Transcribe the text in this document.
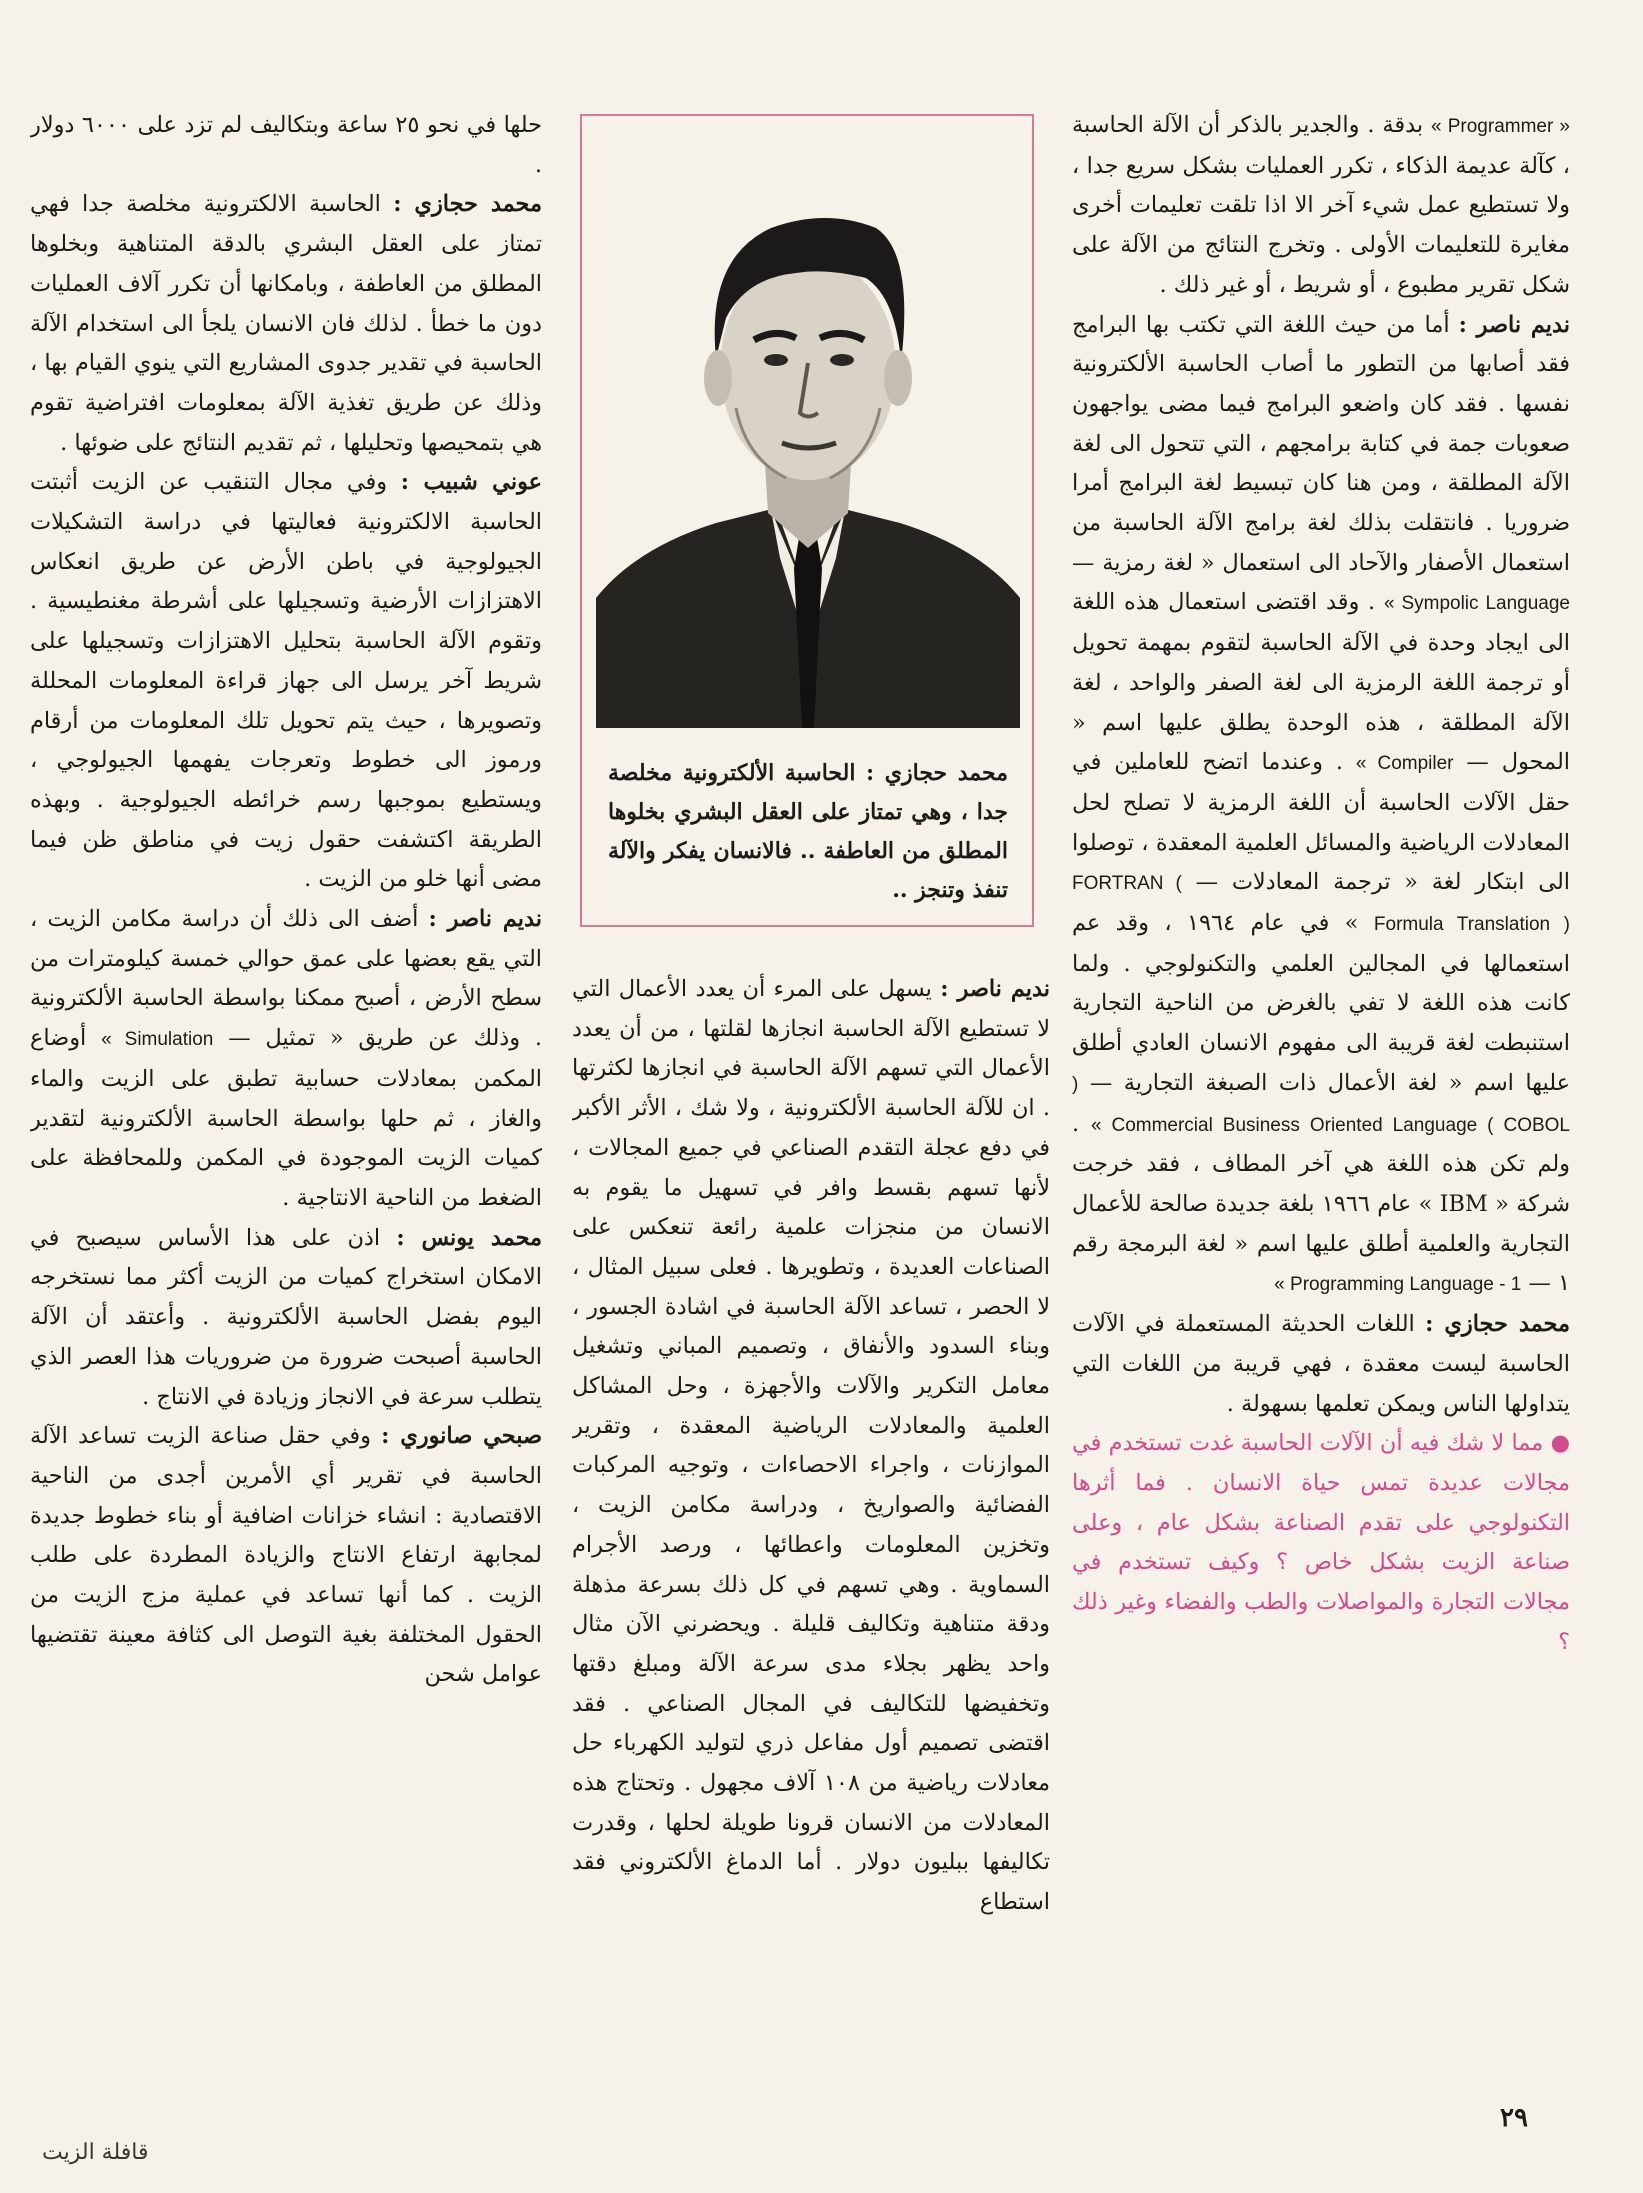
« Programmer » بدقة . والجدير بالذكر أن الآلة الحاسبة ، كآلة عديمة الذكاء ، تكرر العمليات بشكل سريع جدا ، ولا تستطيع عمل شيء آخر الا اذا تلقت تعليمات أخرى مغايرة للتعليمات الأولى . وتخرج النتائج من الآلة على شكل تقرير مطبوع ، أو شريط ، أو غير ذلك .

نديم ناصر : أما من حيث اللغة التي تكتب بها البرامج فقد أصابها من التطور ما أصاب الحاسبة الألكترونية نفسها . فقد كان واضعو البرامج فيما مضى يواجهون صعوبات جمة في كتابة برامجهم ، التي تتحول الى لغة الآلة المطلقة ، ومن هنا كان تبسيط لغة البرامج أمرا ضروريا . فانتقلت بذلك لغة برامج الآلة الحاسبة من استعمال الأصفار والآحاد الى استعمال « لغة رمزية — Sympolic Language » . وقد اقتضى استعمال هذه اللغة الى ايجاد وحدة في الآلة الحاسبة لتقوم بمهمة تحويل أو ترجمة اللغة الرمزية الى لغة الصفر والواحد ، لغة الآلة المطلقة ، هذه الوحدة يطلق عليها اسم « المحول — Compiler » . وعندما اتضح للعاملين في حقل الآلات الحاسبة أن اللغة الرمزية لا تصلح لحل المعادلات الرياضية والمسائل العلمية المعقدة ، توصلوا الى ابتكار لغة « ترجمة المعادلات — FORTRAN ( Formula Translation ) » في عام ١٩٦٤ ، وقد عم استعمالها في المجالين العلمي والتكنولوجي . ولما كانت هذه اللغة لا تفي بالغرض من الناحية التجارية استنبطت لغة قريبة الى مفهوم الانسان العادي أطلق عليها اسم « لغة الأعمال ذات الصبغة التجارية — ( COBOL ) Commercial Business Oriented Language » . ولم تكن هذه اللغة هي آخر المطاف ، فقد خرجت شركة « IBM » عام ١٩٦٦ بلغة جديدة صالحة للأعمال التجارية والعلمية أطلق عليها اسم « لغة البرمجة رقم ١ — Programming Language - 1 »

محمد حجازي : اللغات الحديثة المستعملة في الآلات الحاسبة ليست معقدة ، فهي قريبة من اللغات التي يتداولها الناس ويمكن تعلمها بسهولة .

● مما لا شك فيه أن الآلات الحاسبة غدت تستخدم في مجالات عديدة تمس حياة الانسان . فما أثرها التكنولوجي على تقدم الصناعة بشكل عام ، وعلى صناعة الزيت بشكل خاص ؟ وكيف تستخدم في مجالات التجارة والمواصلات والطب والفضاء وغير ذلك ؟

محمد حجازي : الحاسبة الألكترونية مخلصة جدا ، وهي تمتاز على العقل البشري بخلوها المطلق من العاطفة .. فالانسان يفكر والآلة تنفذ وتنجز ..

نديم ناصر : يسهل على المرء أن يعدد الأعمال التي لا تستطيع الآلة الحاسبة انجازها لقلتها ، من أن يعدد الأعمال التي تسهم الآلة الحاسبة في انجازها لكثرتها . ان للآلة الحاسبة الألكترونية ، ولا شك ، الأثر الأكبر في دفع عجلة التقدم الصناعي في جميع المجالات ، لأنها تسهم بقسط وافر في تسهيل ما يقوم به الانسان من منجزات علمية رائعة تنعكس على الصناعات العديدة ، وتطويرها . فعلى سبيل المثال ، لا الحصر ، تساعد الآلة الحاسبة في اشادة الجسور ، وبناء السدود والأنفاق ، وتصميم المباني وتشغيل معامل التكرير والآلات والأجهزة ، وحل المشاكل العلمية والمعادلات الرياضية المعقدة ، وتقرير الموازنات ، واجراء الاحصاءات ، وتوجيه المركبات الفضائية والصواريخ ، ودراسة مكامن الزيت ، وتخزين المعلومات واعطائها ، ورصد الأجرام السماوية . وهي تسهم في كل ذلك بسرعة مذهلة ودقة متناهية وتكاليف قليلة . ويحضرني الآن مثال واحد يظهر بجلاء مدى سرعة الآلة ومبلغ دقتها وتخفيضها للتكاليف في المجال الصناعي . فقد اقتضى تصميم أول مفاعل ذري لتوليد الكهرباء حل معادلات رياضية من ١٠٨ آلاف مجهول . وتحتاج هذه المعادلات من الانسان قرونا طويلة لحلها ، وقدرت تكاليفها ببليون دولار . أما الدماغ الألكتروني فقد استطاع

حلها في نحو ٢٥ ساعة وبتكاليف لم تزد على ٦٠٠٠ دولار .

محمد حجازي : الحاسبة الالكترونية مخلصة جدا فهي تمتاز على العقل البشري بالدقة المتناهية وبخلوها المطلق من العاطفة ، وبامكانها أن تكرر آلاف العمليات دون ما خطأ . لذلك فان الانسان يلجأ الى استخدام الآلة الحاسبة في تقدير جدوى المشاريع التي ينوي القيام بها ، وذلك عن طريق تغذية الآلة بمعلومات افتراضية تقوم هي بتمحيصها وتحليلها ، ثم تقديم النتائج على ضوئها .

عوني شبيب : وفي مجال التنقيب عن الزيت أثبتت الحاسبة الالكترونية فعاليتها في دراسة التشكيلات الجيولوجية في باطن الأرض عن طريق انعكاس الاهتزازات الأرضية وتسجيلها على أشرطة مغنطيسية . وتقوم الآلة الحاسبة بتحليل الاهتزازات وتسجيلها على شريط آخر يرسل الى جهاز قراءة المعلومات المحللة وتصويرها ، حيث يتم تحويل تلك المعلومات من أرقام ورموز الى خطوط وتعرجات يفهمها الجيولوجي ، ويستطيع بموجبها رسم خرائطه الجيولوجية . وبهذه الطريقة اكتشفت حقول زيت في مناطق ظن فيما مضى أنها خلو من الزيت .

نديم ناصر : أضف الى ذلك أن دراسة مكامن الزيت ، التي يقع بعضها على عمق حوالي خمسة كيلومترات من سطح الأرض ، أصبح ممكنا بواسطة الحاسبة الألكترونية . وذلك عن طريق « تمثيل — Simulation » أوضاع المكمن بمعادلات حسابية تطبق على الزيت والماء والغاز ، ثم حلها بواسطة الحاسبة الألكترونية لتقدير كميات الزيت الموجودة في المكمن وللمحافظة على الضغط من الناحية الانتاجية .

محمد يونس : اذن على هذا الأساس سيصبح في الامكان استخراج كميات من الزيت أكثر مما نستخرجه اليوم بفضل الحاسبة الألكترونية . وأعتقد أن الآلة الحاسبة أصبحت ضرورة من ضروريات هذا العصر الذي يتطلب سرعة في الانجاز وزيادة في الانتاج .

صبحي صانوري : وفي حقل صناعة الزيت تساعد الآلة الحاسبة في تقرير أي الأمرين أجدى من الناحية الاقتصادية : انشاء خزانات اضافية أو بناء خطوط جديدة لمجابهة ارتفاع الانتاج والزيادة المطردة على طلب الزيت . كما أنها تساعد في عملية مزج الزيت من الحقول المختلفة بغية التوصل الى كثافة معينة تقتضيها عوامل شحن

٢٩
قافلة الزيت
